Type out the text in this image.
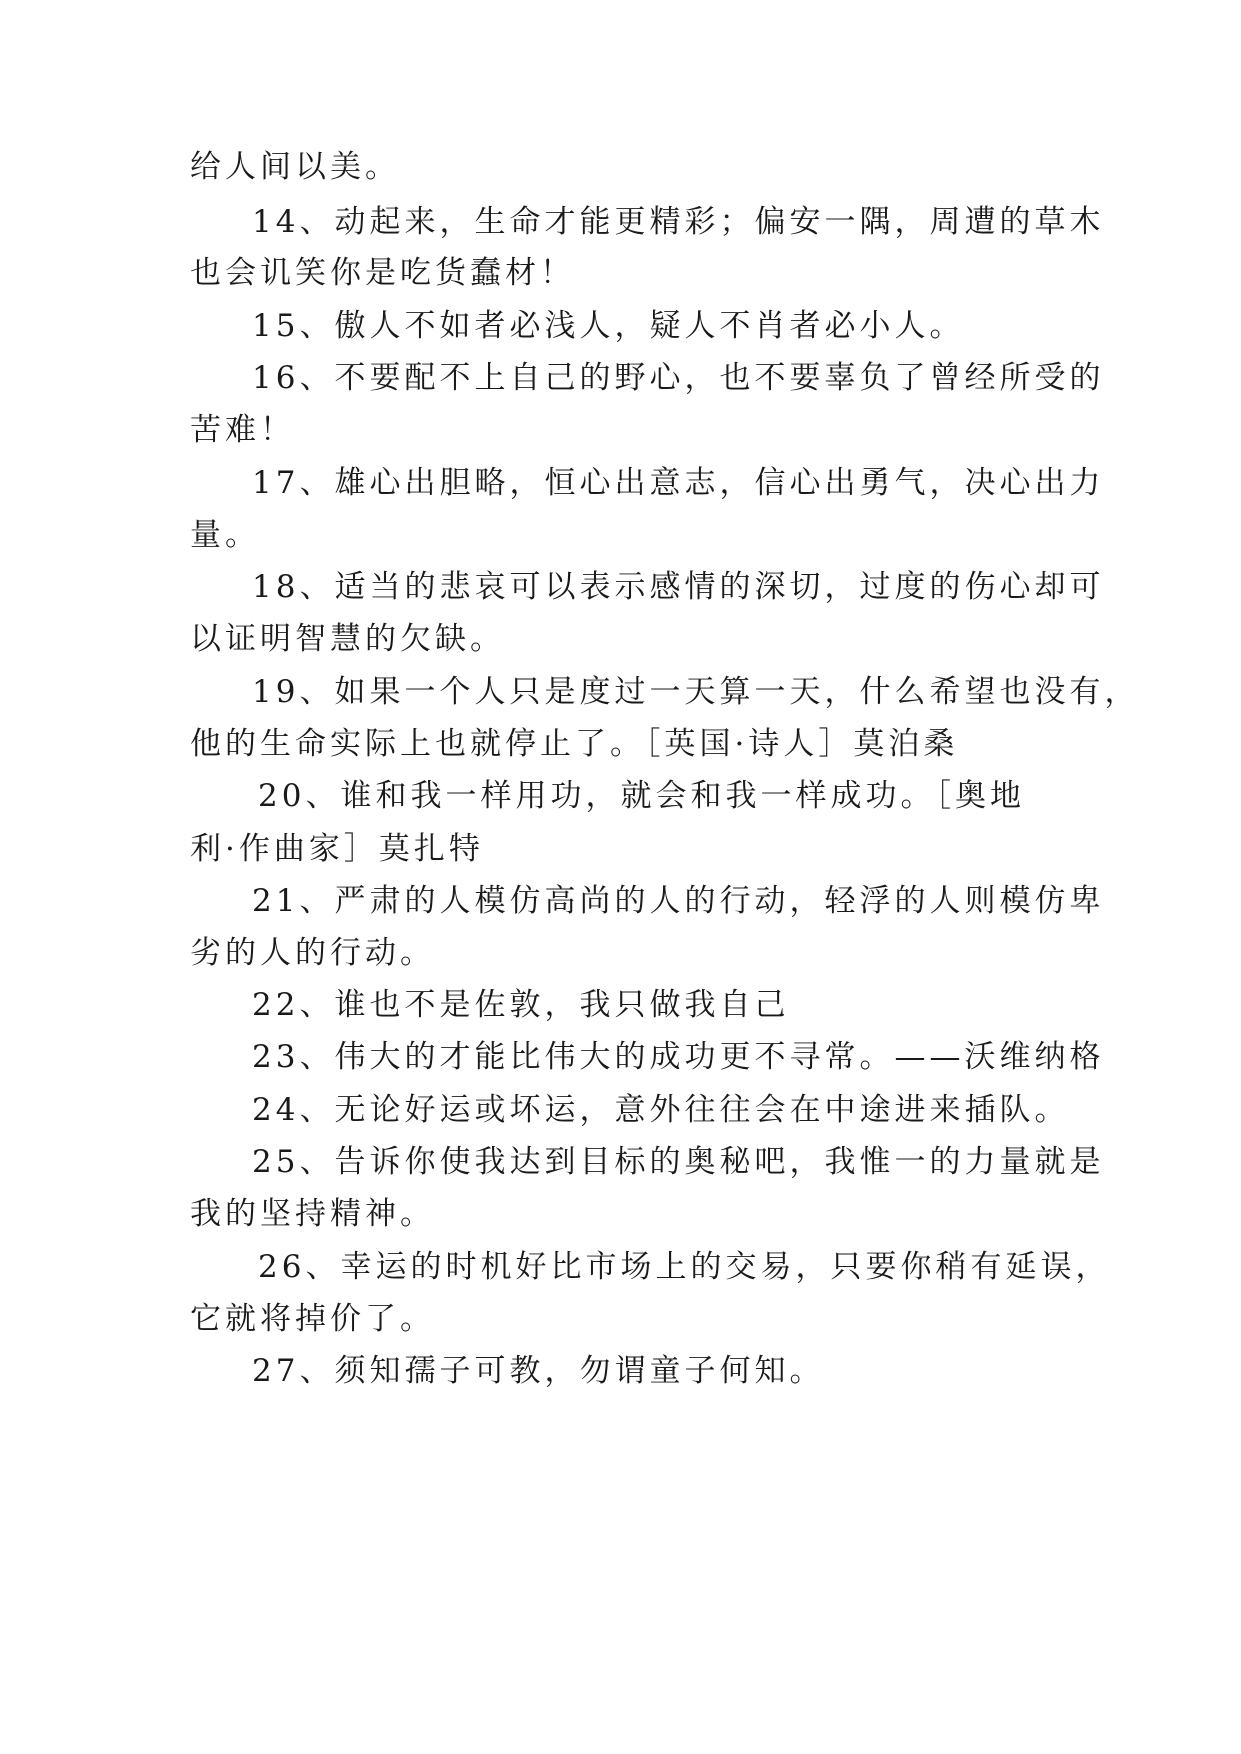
给人间以美。
14、动起来，生命才能更精彩；偏安一隅，周遭的草木
也会讥笑你是吃货蠢材！
15、傲人不如者必浅人，疑人不肖者必小人。
16、不要配不上自己的野心，也不要辜负了曾经所受的
苦难！
17、雄心出胆略，恒心出意志，信心出勇气，决心出力
量。
18、适当的悲哀可以表示感情的深切，过度的伤心却可
以证明智慧的欠缺。
19、如果一个人只是度过一天算一天，什么希望也没有，
他的生命实际上也就停止了。［英国·诗人］莫泊桑
20、谁和我一样用功，就会和我一样成功。［奥地
利·作曲家］莫扎特
21、严肃的人模仿高尚的人的行动，轻浮的人则模仿卑
劣的人的行动。
22、谁也不是佐敦，我只做我自己
23、伟大的才能比伟大的成功更不寻常。——沃维纳格
24、无论好运或坏运，意外往往会在中途进来插队。
25、告诉你使我达到目标的奥秘吧，我惟一的力量就是
我的坚持精神。
26、幸运的时机好比市场上的交易，只要你稍有延误，
它就将掉价了。
27、须知孺子可教，勿谓童子何知。
